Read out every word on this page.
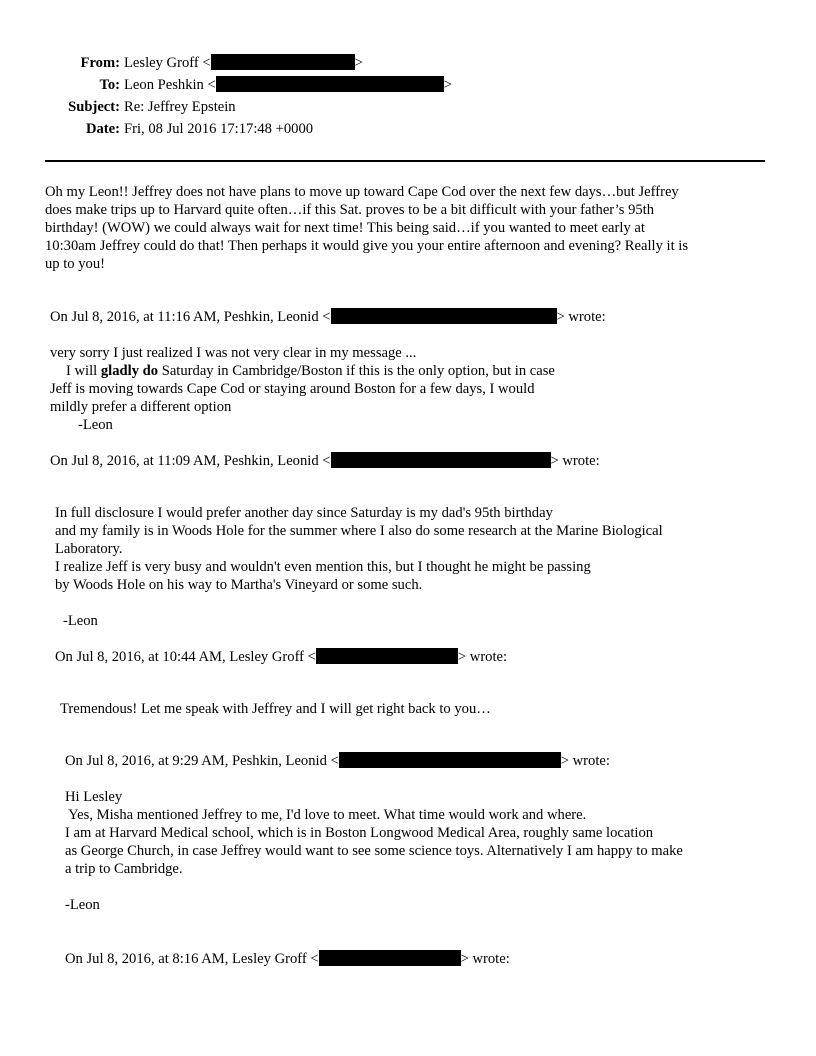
From: Lesley Groff <	>
To: Leon Peshkin <	>
Subject: Re: Jeffrey Epstein
Date: Fri, 08 Jul 2016 17:17:48 +0000
Oh my Leon!! Jeffrey does not have plans to move up toward Cape Cod over the next few days…but Jeffrey
does make trips up to Harvard quite often…if this Sat. proves to be a bit difficult with your father’s 95th
birthday! (WOW) we could always wait for next time! This being said…if you wanted to meet early at
10:30am Jeffrey could do that! Then perhaps it would give you your entire afternoon and evening? Really it is
up to you!
On Jul 8, 2016, at 11:16 AM, Peshkin, Leonid <	> wrote:
very sorry I just realized I was not very clear in my message ...
I will gladly do Saturday in Cambridge/Boston if this is the only option, but in case
Jeff is moving towards Cape Cod or staying around Boston for a few days, I would
mildly prefer a different option
-Leon
On Jul 8, 2016, at 11:09 AM, Peshkin, Leonid <	> wrote:
In full disclosure I would prefer another day since Saturday is my dad's 95th birthday
and my family is in Woods Hole for the summer where I also do some research at the Marine Biological
Laboratory.
I realize Jeff is very busy and wouldn't even mention this, but I thought he might be passing
by Woods Hole on his way to Martha's Vineyard or some such.
-Leon
On Jul 8, 2016, at 10:44 AM, Lesley Groff <	> wrote:
Tremendous! Let me speak with Jeffrey and I will get right back to you…
On Jul 8, 2016, at 9:29 AM, Peshkin, Leonid <	> wrote:
Hi Lesley
Yes, Misha mentioned Jeffrey to me, I'd love to meet. What time would work and where.
I am at Harvard Medical school, which is in Boston Longwood Medical Area, roughly same location
as George Church, in case Jeffrey would want to see some science toys. Alternatively I am happy to make
a trip to Cambridge.
-Leon
On Jul 8, 2016, at 8:16 AM, Lesley Groff <	> wrote:
